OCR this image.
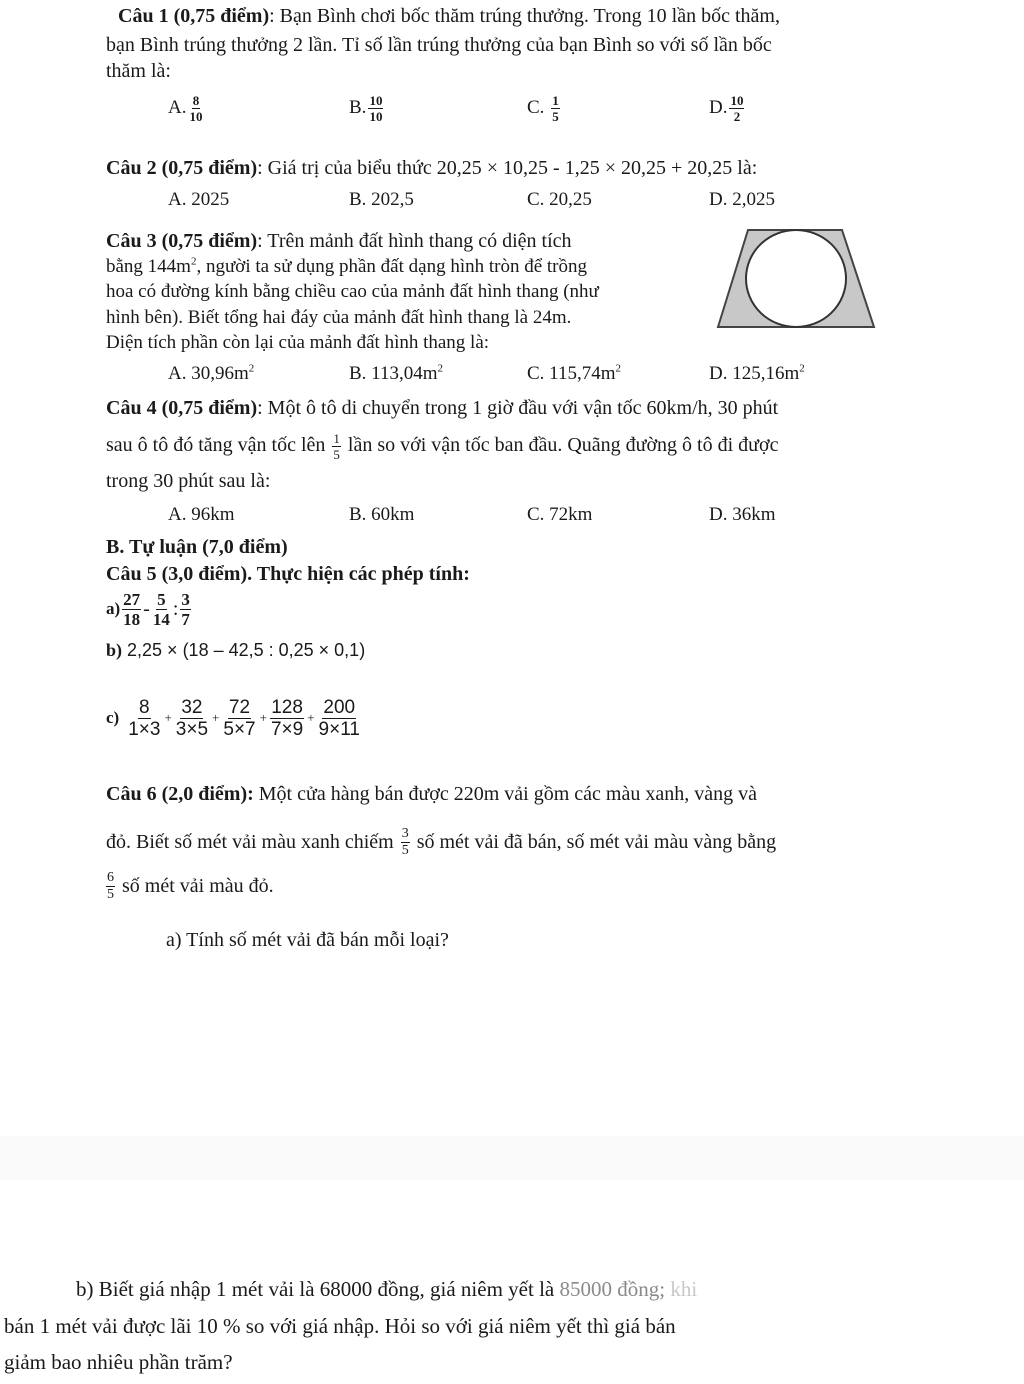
Câu 1 (0,75 điểm): Bạn Bình chơi bốc thăm trúng thưởng. Trong 10 lần bốc thăm,
bạn Bình trúng thưởng 2 lần. Tỉ số lần trúng thưởng của bạn Bình so với số lần bốc
thăm là:
A. $\frac{8}{10}$	B. $\frac{10}{10}$	C. $\frac{1}{5}$	D. $\frac{10}{2}$
Câu 2 (0,75 điểm): Giá trị của biểu thức 20,25 × 10,25 - 1,25 × 20,25 + 20,25 là:
A. 2025	B. 202,5	C. 20,25	D. 2,025
Câu 3 (0,75 điểm): Trên mảnh đất hình thang có diện tích
bằng $144m^2$, người ta sử dụng phần đất dạng hình tròn để trồng
hoa có đường kính bằng chiều cao của mảnh đất hình thang (như
hình bên). Biết tổng hai đáy của mảnh đất hình thang là 24m.
Diện tích phần còn lại của mảnh đất hình thang là:
A. $30,96m^2$	B. $113,04m^2$	C. $115,74m^2$	D. $125,16m^2$
Câu 4 (0,75 điểm): Một ô tô di chuyển trong 1 giờ đầu với vận tốc 60km/h, 30 phút
sau ô tô đó tăng vận tốc lên $\frac{1}{5}$ lần so với vận tốc ban đầu. Quãng đường ô tô đi được
trong 30 phút sau là:
A. 96km	B. 60km	C. 72km	D. 36km
B. Tự luận (7,0 điểm)
Câu 5 (3,0 điểm). Thực hiện các phép tính:
$a) \frac{27}{18} - \frac{5}{14}$ : $\frac{3}{7}$
b) 2,25 × (18 – 42,5 : 0,25 × 0,1)
$c) \frac{8}{1\times 3} + \frac{32}{3\times 5} + \frac{72}{5\times 7} + \frac{128}{7\times 9} + \frac{200}{9\times 11}$
Câu 6 (2,0 điểm): Một cửa hàng bán được 220m vải gồm các màu xanh, vàng và
đỏ. Biết số mét vải màu xanh chiếm
$\frac{3}{5}$
số mét vải đã bán, số mét vải màu vàng bằng
$\frac{6}{5}$
số mét vải màu đỏ.
a) Tính số mét vải đã bán mỗi loại?
b) Biết giá nhập 1 mét vải là 68000 đồng, giá niêm yết là 85000 đồng; khi
bán 1 mét vải được lãi 10 % so với giá nhập. Hỏi so với giá niêm yết thì giá bán
giảm bao nhiêu phần trăm?
